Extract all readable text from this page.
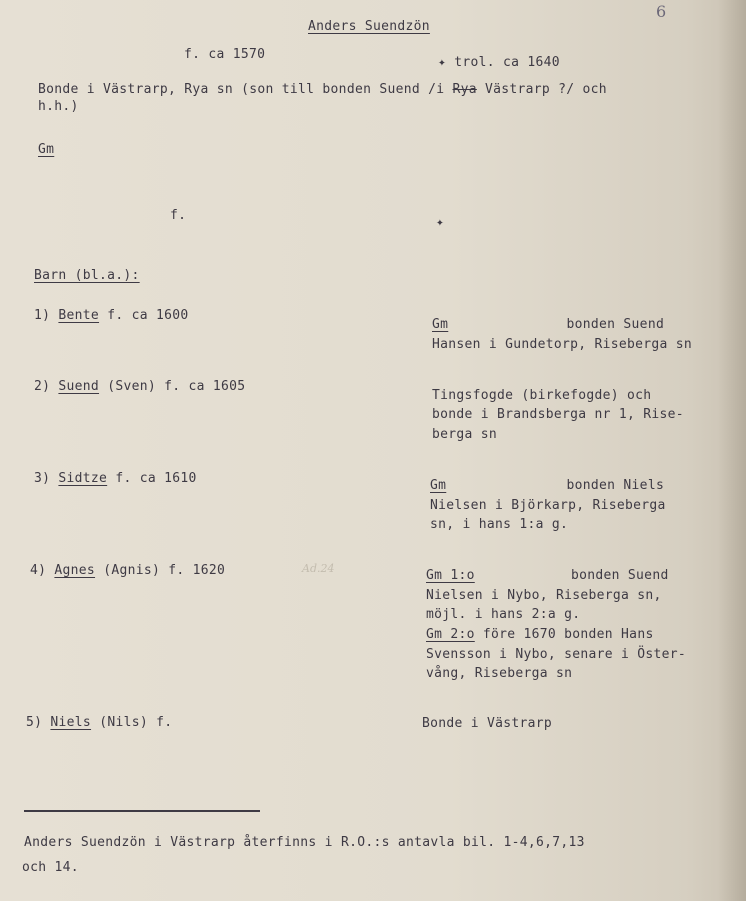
6
Anders Suendzön
f. ca 1570
✦ trol. ca 1640
Bonde i Västrarp, Rya sn (son till bonden Suend /i Rya Västrarp ?/ och
h.h.)
Gm
f.	✦
Barn (bl.a.):
1) Bente f. ca 1600
Gm	bonden Suend
Hansen i Gundetorp, Riseberga sn
2) Suend (Sven) f. ca 1605
Tingsfogde (birkefogde) och
bonde i Brandsberga nr 1, Rise-
berga sn
3) Sidtze f. ca 1610	Gm	bonden Niels
Nielsen i Björkarp, Riseberga
sn, i hans 1:a g.
4) Agnes (Agnis) f. 1620	Ad.24	Gm 1:o	bonden Suend
Nielsen i Nybo, Riseberga sn,
möjl. i hans 2:a g.
Gm 2:o före 1670 bonden Hans
Svensson i Nybo, senare i Öster-
vång, Riseberga sn
5) Niels (Nils) f.	Bonde i Västrarp
Anders Suendzön i Västrarp återfinns i R.O.:s antavla bil. 1-4,6,7,13
och 14.
